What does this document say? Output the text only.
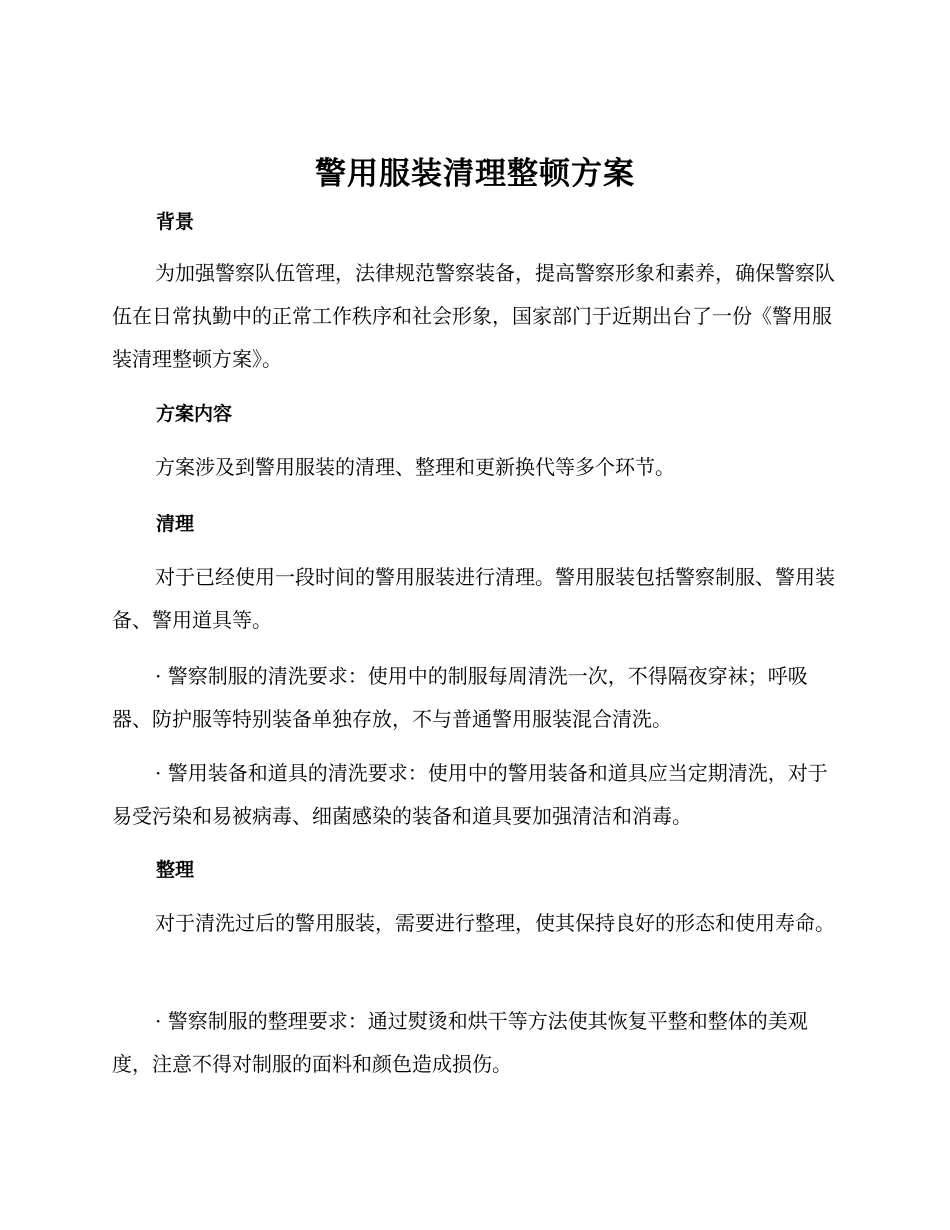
警用服装清理整顿方案
背景
为加强警察队伍管理，法律规范警察装备，提高警察形象和素养，确保警察队伍在日常执勤中的正常工作秩序和社会形象，国家部门于近期出台了一份《警用服装清理整顿方案》。
方案内容
方案涉及到警用服装的清理、整理和更新换代等多个环节。
清理
对于已经使用一段时间的警用服装进行清理。警用服装包括警察制服、警用装备、警用道具等。
· 警察制服的清洗要求：使用中的制服每周清洗一次，不得隔夜穿袜；呼吸器、防护服等特别装备单独存放，不与普通警用服装混合清洗。
· 警用装备和道具的清洗要求：使用中的警用装备和道具应当定期清洗，对于易受污染和易被病毒、细菌感染的装备和道具要加强清洁和消毒。
整理
对于清洗过后的警用服装，需要进行整理，使其保持良好的形态和使用寿命。
· 警察制服的整理要求：通过熨烫和烘干等方法使其恢复平整和整体的美观度，注意不得对制服的面料和颜色造成损伤。
